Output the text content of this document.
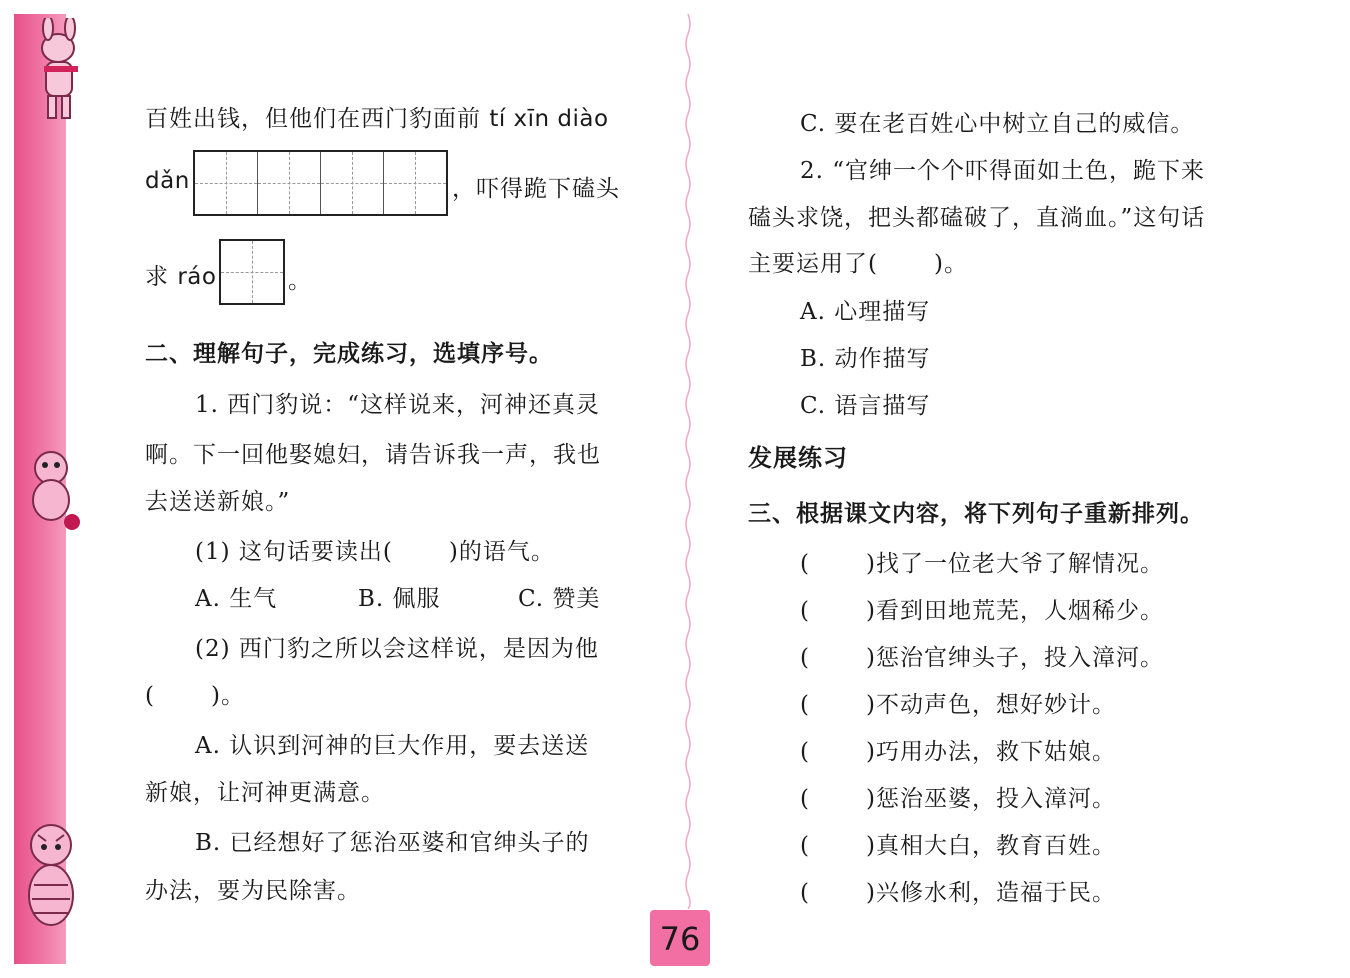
76
百姓出钱，但他们在西门豹面前 tí xīn diào
dǎn	，吓得跪下磕头
求 ráo	。
二、理解句子，完成练习，选填序号。
1. 西门豹说：“这样说来，河神还真灵
啊。下一回他娶媳妇，请告诉我一声，我也
去送送新娘。”
(1) 这句话要读出( )的语气。
A. 生气	B. 佩服	C. 赞美
(2) 西门豹之所以会这样说，是因为他
( )。
A. 认识到河神的巨大作用，要去送送
新娘，让河神更满意。
B. 已经想好了惩治巫婆和官绅头子的
办法，要为民除害。
C. 要在老百姓心中树立自己的威信。
2. “官绅一个个吓得面如土色，跪下来
磕头求饶，把头都磕破了，直淌血。”这句话
主要运用了( )。
A. 心理描写
B. 动作描写
C. 语言描写
发展练习
三、根据课文内容，将下列句子重新排列。
( )找了一位老大爷了解情况。
( )看到田地荒芜，人烟稀少。
( )惩治官绅头子，投入漳河。
( )不动声色，想好妙计。
( )巧用办法，救下姑娘。
( )惩治巫婆，投入漳河。
( )真相大白，教育百姓。
( )兴修水利，造福于民。
